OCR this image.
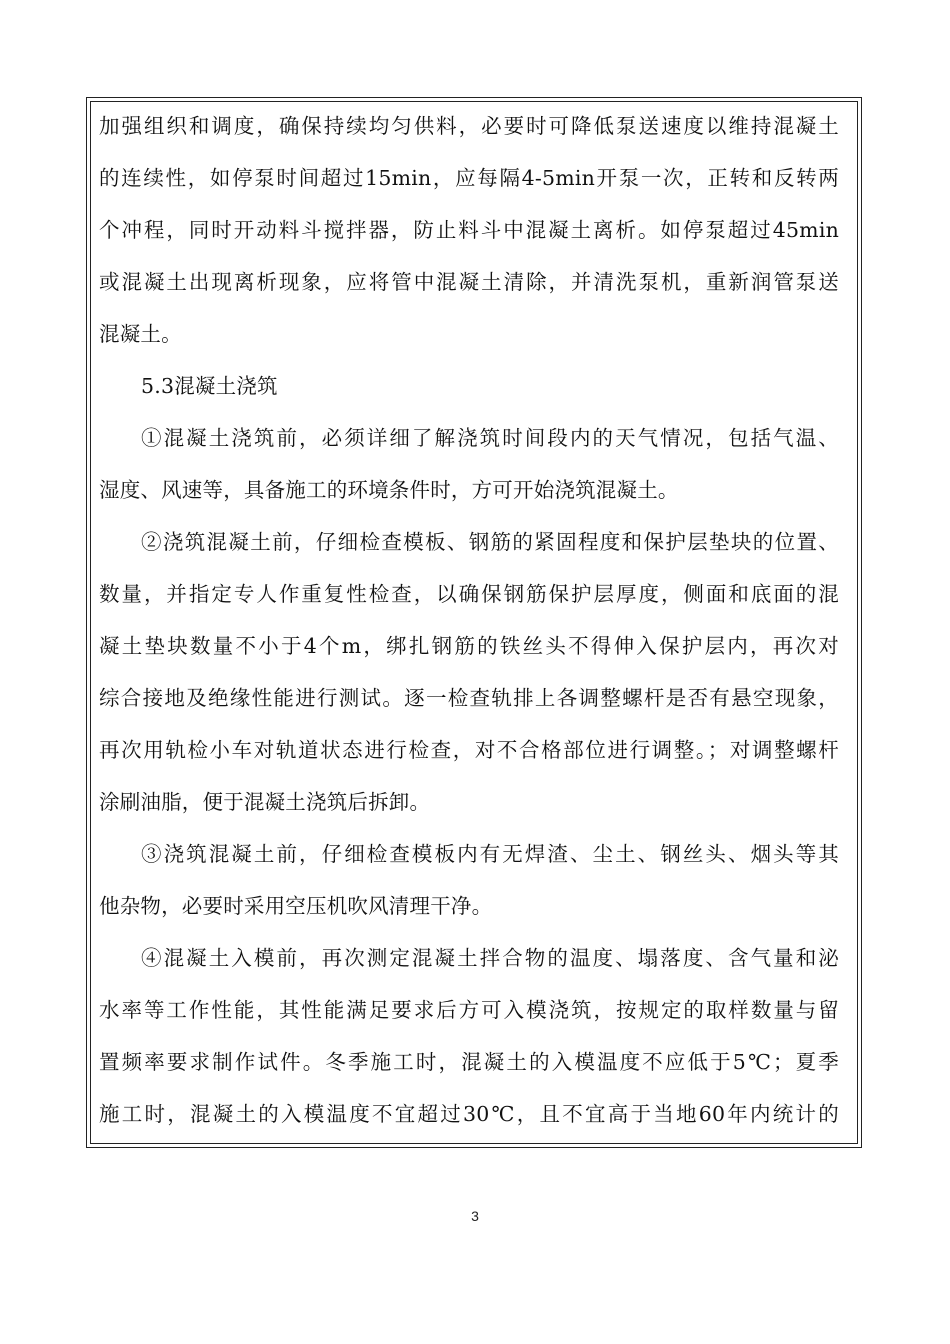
加强组织和调度，确保持续均匀供料，必要时可降低泵送速度以维持混凝土
的连续性，如停泵时间超过15min，应每隔4-5min开泵一次，正转和反转两
个冲程，同时开动料斗搅拌器，防止料斗中混凝土离析。如停泵超过45min
或混凝土出现离析现象，应将管中混凝土清除，并清洗泵机，重新润管泵送
混凝土。
5.3混凝土浇筑
①混凝土浇筑前，必须详细了解浇筑时间段内的天气情况，包括气温、
湿度、风速等，具备施工的环境条件时，方可开始浇筑混凝土。
②浇筑混凝土前，仔细检查模板、钢筋的紧固程度和保护层垫块的位置、
数量，并指定专人作重复性检查，以确保钢筋保护层厚度，侧面和底面的混
凝土垫块数量不小于4个m，绑扎钢筋的铁丝头不得伸入保护层内，再次对
综合接地及绝缘性能进行测试。逐一检查轨排上各调整螺杆是否有悬空现象，
再次用轨检小车对轨道状态进行检查，对不合格部位进行调整。；对调整螺杆
涂刷油脂，便于混凝土浇筑后拆卸。
③浇筑混凝土前，仔细检查模板内有无焊渣、尘土、钢丝头、烟头等其
他杂物，必要时采用空压机吹风清理干净。
④混凝土入模前，再次测定混凝土拌合物的温度、塌落度、含气量和泌
水率等工作性能，其性能满足要求后方可入模浇筑，按规定的取样数量与留
置频率要求制作试件。冬季施工时，混凝土的入模温度不应低于5℃；夏季
施工时，混凝土的入模温度不宜超过30℃，且不宜高于当地60年内统计的
3
